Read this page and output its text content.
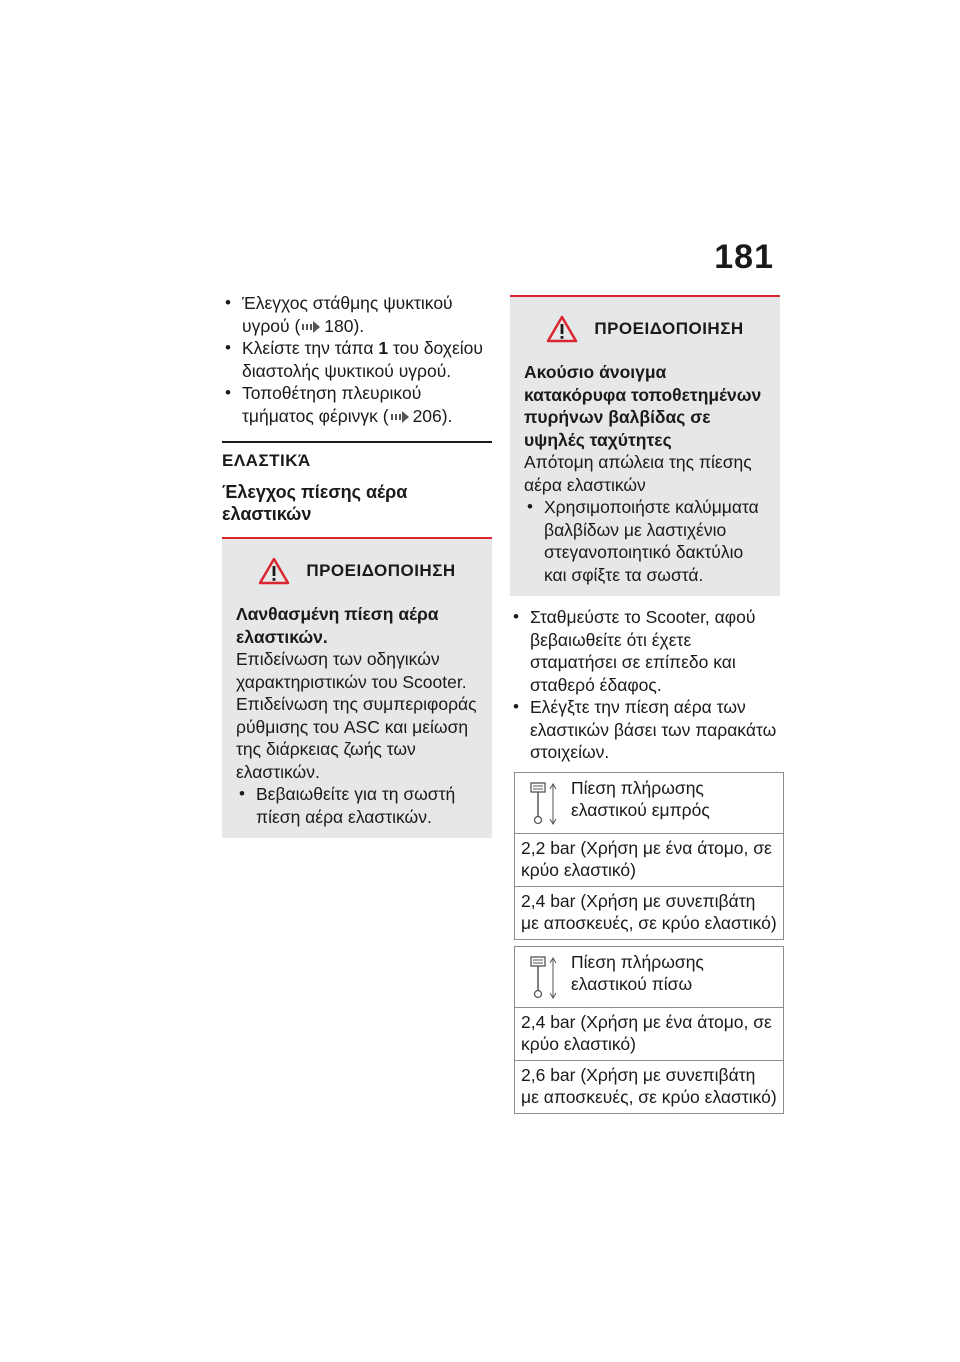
181
• Έλεγχος στάθμης ψυκτικού υγρού ( 180).
• Κλείστε την τάπα 1 του δοχείου διαστολής ψυκτικού υγρού.
• Τοποθέτηση πλευρικού τμήματος φέρινγκ ( 206).
ΕΛΑΣΤΙΚΆ
Έλεγχος πίεσης αέρα ελαστικών
ΠΡΟΕΙΔΟΠΟΙΗΣΗ
Λανθασμένη πίεση αέρα ελαστικών.
Επιδείνωση των οδηγικών χαρακτηριστικών του Scooter. Επιδείνωση της συμπεριφοράς ρύθμισης του ASC και μείωση της διάρκειας ζωής των ελαστικών.
• Βεβαιωθείτε για τη σωστή πίεση αέρα ελαστικών.
ΠΡΟΕΙΔΟΠΟΙΗΣΗ
Ακούσιο άνοιγμα κατακόρυφα τοποθετημένων πυρήνων βαλβίδας σε υψηλές ταχύτητες
Απότομη απώλεια της πίεσης αέρα ελαστικών
• Χρησιμοποιήστε καλύμματα βαλβίδων με λαστιχένιο στεγανοποιητικό δακτύλιο και σφίξτε τα σωστά.
• Σταθμεύστε το Scooter, αφού βεβαιωθείτε ότι έχετε σταματήσει σε επίπεδο και σταθερό έδαφος.
• Ελέγξτε την πίεση αέρα των ελαστικών βάσει των παρακάτω στοιχείων.
Πίεση πλήρωσης ελαστικού εμπρός
2,2 bar (Χρήση με ένα άτομο, σε κρύο ελαστικό)
2,4 bar (Χρήση με συνεπιβάτη με αποσκευές, σε κρύο ελαστικό)
Πίεση πλήρωσης ελαστικού πίσω
2,4 bar (Χρήση με ένα άτομο, σε κρύο ελαστικό)
2,6 bar (Χρήση με συνεπιβάτη με αποσκευές, σε κρύο ελαστικό)
